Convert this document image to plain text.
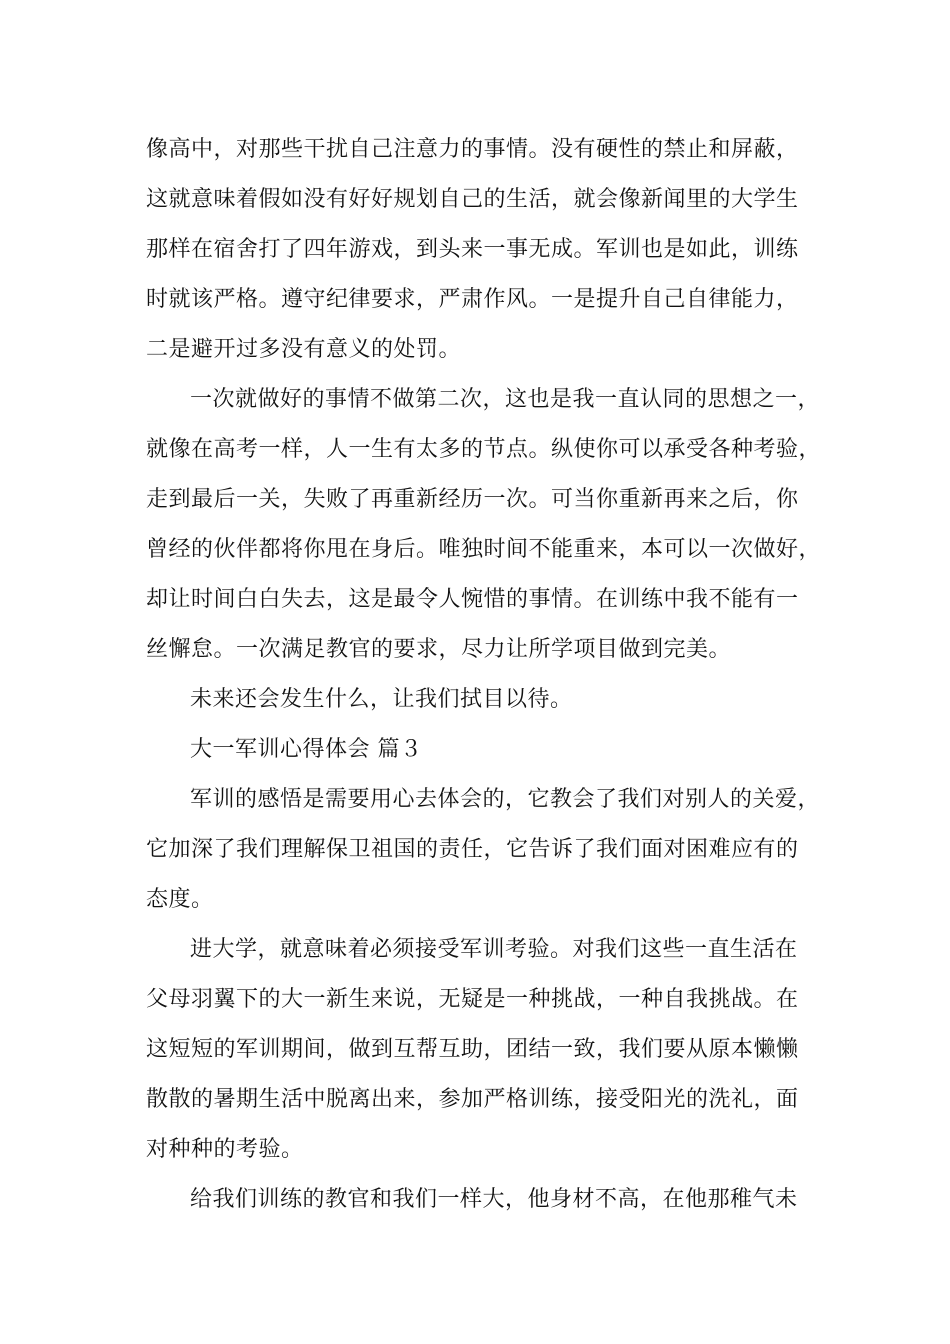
像高中，对那些干扰自己注意力的事情。没有硬性的禁止和屏蔽，
这就意味着假如没有好好规划自己的生活，就会像新闻里的大学生
那样在宿舍打了四年游戏，到头来一事无成。军训也是如此，训练
时就该严格。遵守纪律要求，严肃作风。一是提升自己自律能力，
二是避开过多没有意义的处罚。
一次就做好的事情不做第二次，这也是我一直认同的思想之一，
就像在高考一样，人一生有太多的节点。纵使你可以承受各种考验，
走到最后一关，失败了再重新经历一次。可当你重新再来之后，你
曾经的伙伴都将你甩在身后。唯独时间不能重来，本可以一次做好，
却让时间白白失去，这是最令人惋惜的事情。在训练中我不能有一
丝懈怠。一次满足教官的要求，尽力让所学项目做到完美。
未来还会发生什么，让我们拭目以待。
大一军训心得体会 篇３
军训的感悟是需要用心去体会的，它教会了我们对别人的关爱，
它加深了我们理解保卫祖国的责任，它告诉了我们面对困难应有的
态度。
进大学，就意味着必须接受军训考验。对我们这些一直生活在
父母羽翼下的大一新生来说，无疑是一种挑战，一种自我挑战。在
这短短的军训期间，做到互帮互助，团结一致，我们要从原本懒懒
散散的暑期生活中脱离出来，参加严格训练，接受阳光的洗礼，面
对种种的考验。
给我们训练的教官和我们一样大，他身材不高，在他那稚气未
